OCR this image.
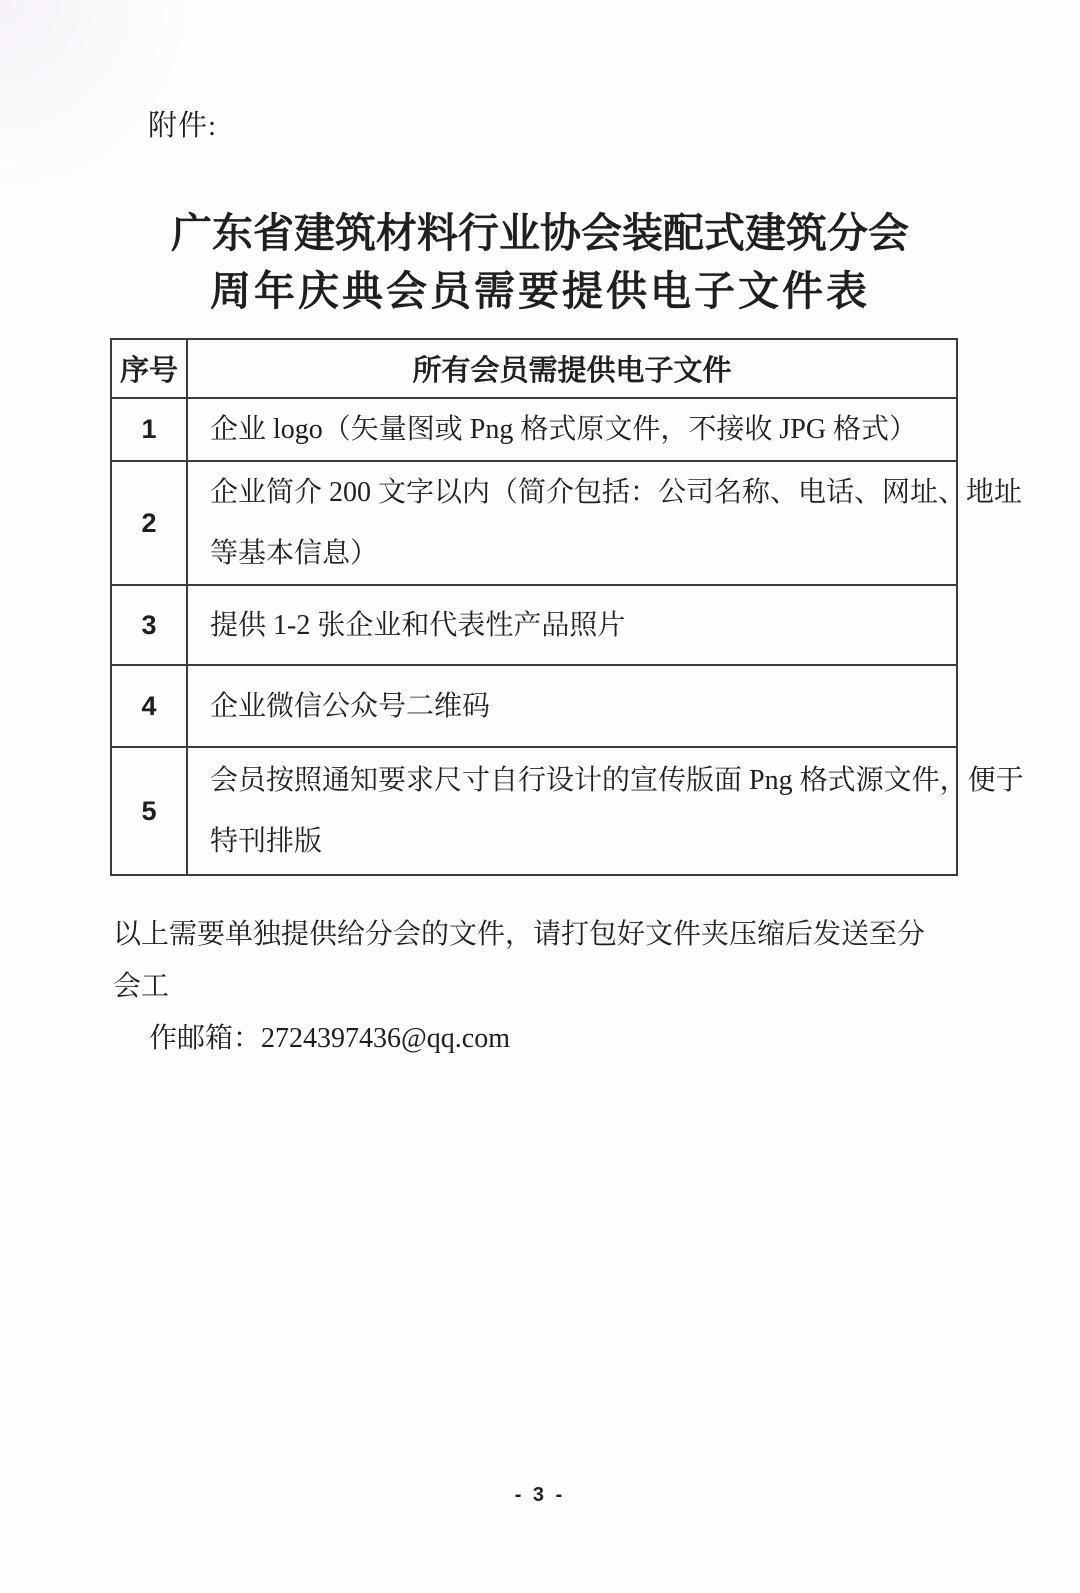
附件:
广东省建筑材料行业协会装配式建筑分会
周年庆典会员需要提供电子文件表
序号	所有会员需提供电子文件
1	企业 logo（矢量图或 Png 格式原文件，不接收 JPG 格式）

2	企业简介 200 文字以内（简介包括：公司名称、电话、网址、地址
等基本信息）

3	提供 1-2 张企业和代表性产品照片

4	企业微信公众号二维码

5	会员按照通知要求尺寸自行设计的宣传版面 Png 格式源文件，便于
特刊排版

以上需要单独提供给分会的文件，请打包好文件夹压缩后发送至分会工
作邮箱：2724397436@qq.com

- 3 -
